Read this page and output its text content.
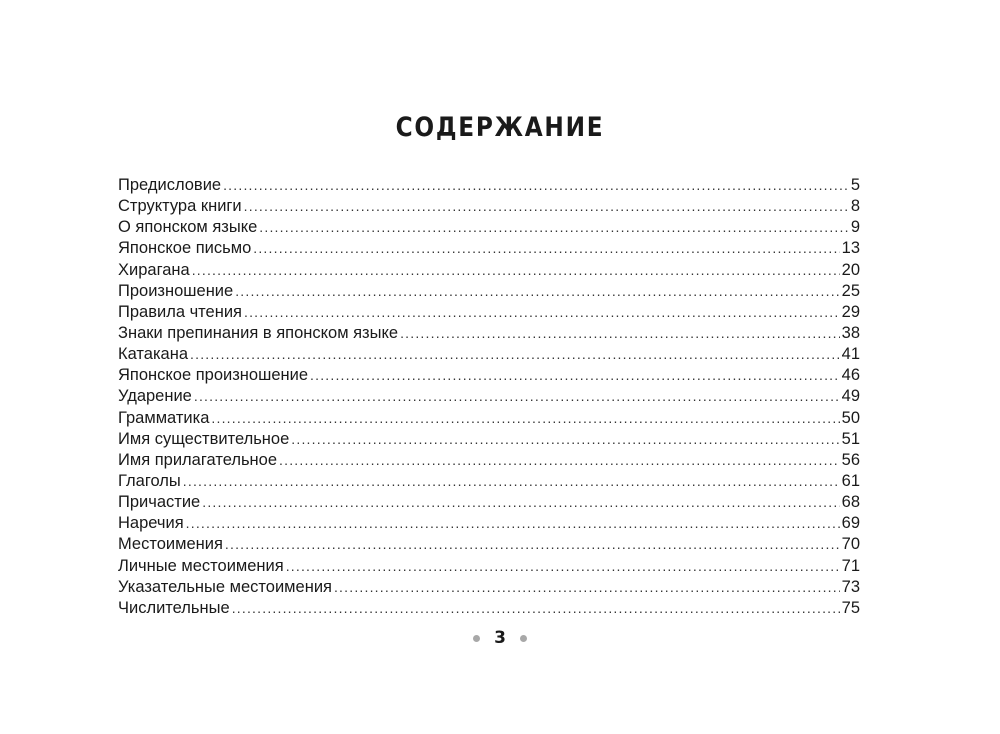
СОДЕРЖАНИЕ
Предисловие .....	5
Структура книги .....	8
О японском языке .....	9
Японское письмо .....	13
Хирагана .....	20
Произношение .....	25
Правила чтения .....	29
Знаки препинания в японском языке .....	38
Катакана .....	41
Японское произношение .....	46
Ударение .....	49
Грамматика .....	50
Имя существительное .....	51
Имя прилагательное .....	56
Глаголы .....	61
Причастие .....	68
Наречия .....	69
Местоимения .....	70
Личные местоимения .....	71
Указательные местоимения .....	73
Числительные .....	75
3
